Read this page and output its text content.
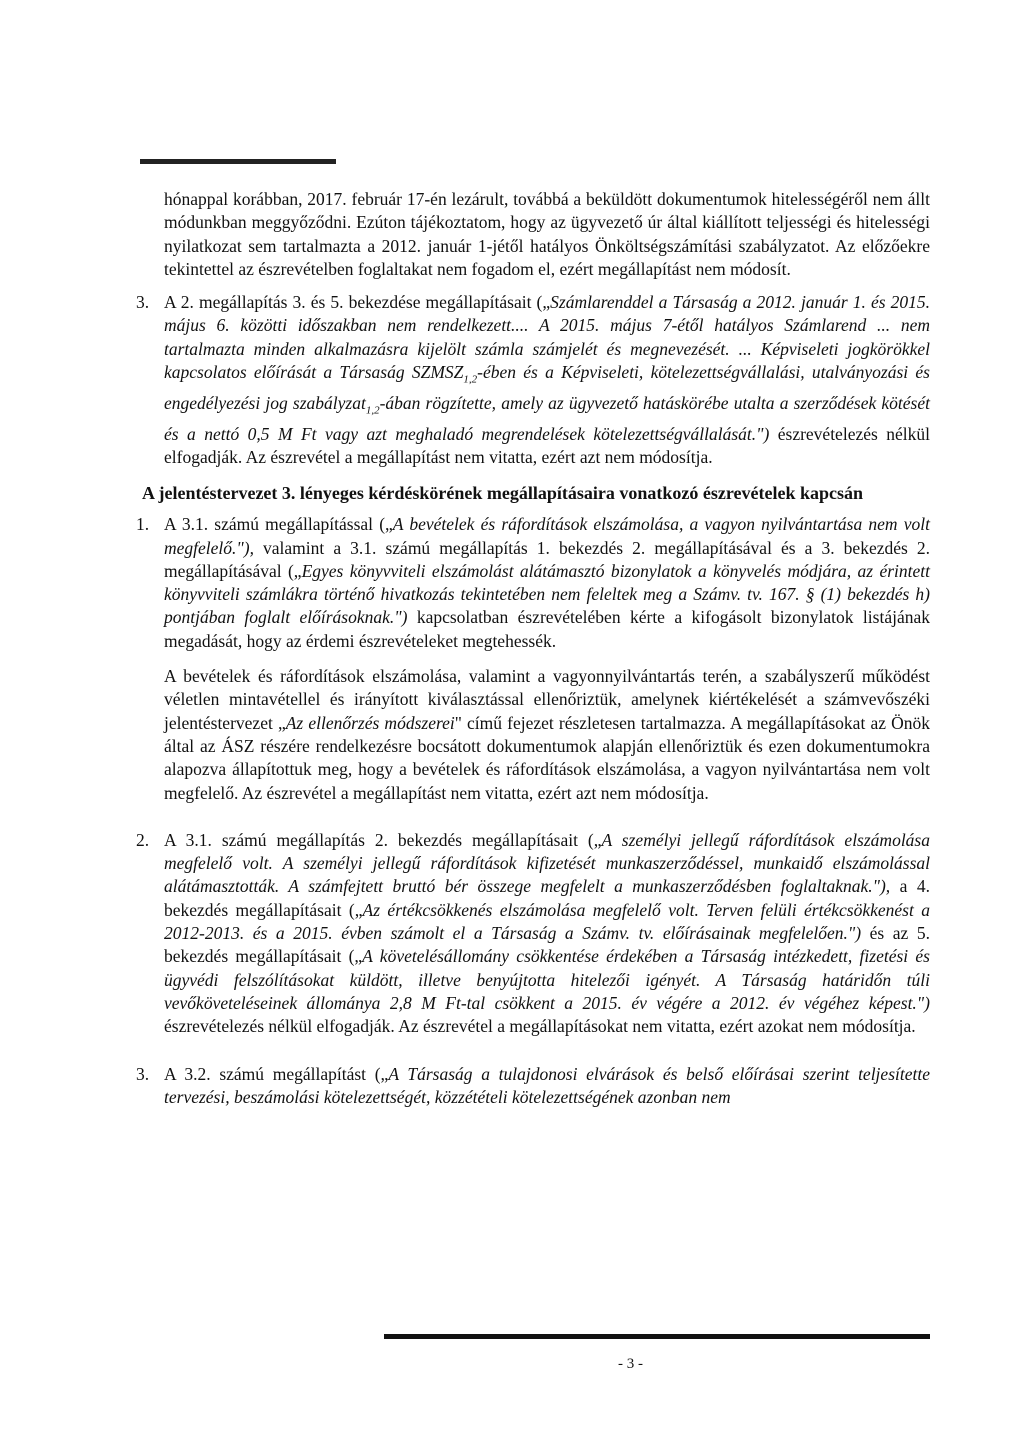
hónappal korábban, 2017. február 17-én lezárult, továbbá a beküldött dokumentumok hitelességéről nem állt módunkban meggyőződni. Ezúton tájékoztatom, hogy az ügyvezető úr által kiállított teljességi és hitelességi nyilatkozat sem tartalmazta a 2012. január 1-jétől hatályos Önköltségszámítási szabályzatot. Az előzőekre tekintettel az észrevételben foglaltakat nem fogadom el, ezért megállapítást nem módosít.

3. A 2. megállapítás 3. és 5. bekezdése megállapításait („Számlarenddel a Társaság a 2012. január 1. és 2015. május 6. közötti időszakban nem rendelkezett.... A 2015. május 7-étől hatályos Számlarend ... nem tartalmazta minden alkalmazásra kijelölt számla számjelét és megnevezését. ... Képviseleti jogkörökkel kapcsolatos előírását a Társaság $SZMSZ_{1,2}$-ében és a Képviseleti, kötelezettségvállalási, utalványozási és engedélyezési jog szabályzat$_{1,2}$-ában rögzítette, amely az ügyvezető hatáskörébe utalta a szerződések kötését és a nettó 0,5 M Ft vagy azt meghaladó megrendelések kötelezettségvállalását.") észrevételezés nélkül elfogadják. Az észrevétel a megállapítást nem vitatta, ezért azt nem módosítja.
A jelentéstervezet 3. lényeges kérdéskörének megállapításaira vonatkozó észrevételek kapcsán
1. A 3.1. számú megállapítással („A bevételek és ráfordítások elszámolása, a vagyon nyilvántartása nem volt megfelelő."), valamint a 3.1. számú megállapítás 1. bekezdés 2. megállapításával és a 3. bekezdés 2. megállapításával („Egyes könyvviteli elszámolást alátámasztó bizonylatok a könyvelés módjára, az érintett könyvviteli számlákra történő hivatkozás tekintetében nem feleltek meg a Számv. tv. 167. § (1) bekezdés h) pontjában foglalt előírásoknak.") kapcsolatban észrevételében kérte a kifogásolt bizonylatok listájának megadását, hogy az érdemi észrevételeket megtehessék.
A bevételek és ráfordítások elszámolása, valamint a vagyonnyilvántartás terén, a szabályszerű működést véletlen mintavétellel és irányított kiválasztással ellenőriztük, amelynek kiértékelését a számvevőszéki jelentéstervezet „Az ellenőrzés módszerei" című fejezet részletesen tartalmazza. A megállapításokat az Önök által az ÁSZ részére rendelkezésre bocsátott dokumentumok alapján ellenőriztük és ezen dokumentumokra alapozva állapítottuk meg, hogy a bevételek és ráfordítások elszámolása, a vagyon nyilvántartása nem volt megfelelő. Az észrevétel a megállapítást nem vitatta, ezért azt nem módosítja.
2. A 3.1. számú megállapítás 2. bekezdés megállapításait („A személyi jellegű ráfordítások elszámolása megfelelő volt. A személyi jellegű ráfordítások kifizetését munkaszerződéssel, munkaidő elszámolással alátámasztották. A számfejtett bruttó bér összege megfelelt a munkaszerződésben foglaltaknak."), a 4. bekezdés megállapításait („Az értékcsökkenés elszámolása megfelelő volt. Terven felüli értékcsökkenést a 2012-2013. és a 2015. évben számolt el a Társaság a Számv. tv. előírásainak megfelelően.") és az 5. bekezdés megállapításait („A követelésállomány csökkentése érdekében a Társaság intézkedett, fizetési és ügyvédi felszólításokat küldött, illetve benyújtotta hitelezői igényét. A Társaság határidőn túli vevőköveteléseinek állománya 2,8 M Ft-tal csökkent a 2015. év végére a 2012. év végéhez képest.") észrevételezés nélkül elfogadják. Az észrevétel a megállapításokat nem vitatta, ezért azokat nem módosítja.
3. A 3.2. számú megállapítást („A Társaság a tulajdonosi elvárások és belső előírásai szerint teljesítette tervezési, beszámolási kötelezettségét, közzétételi kötelezettségének azonban nem
- 3 -
